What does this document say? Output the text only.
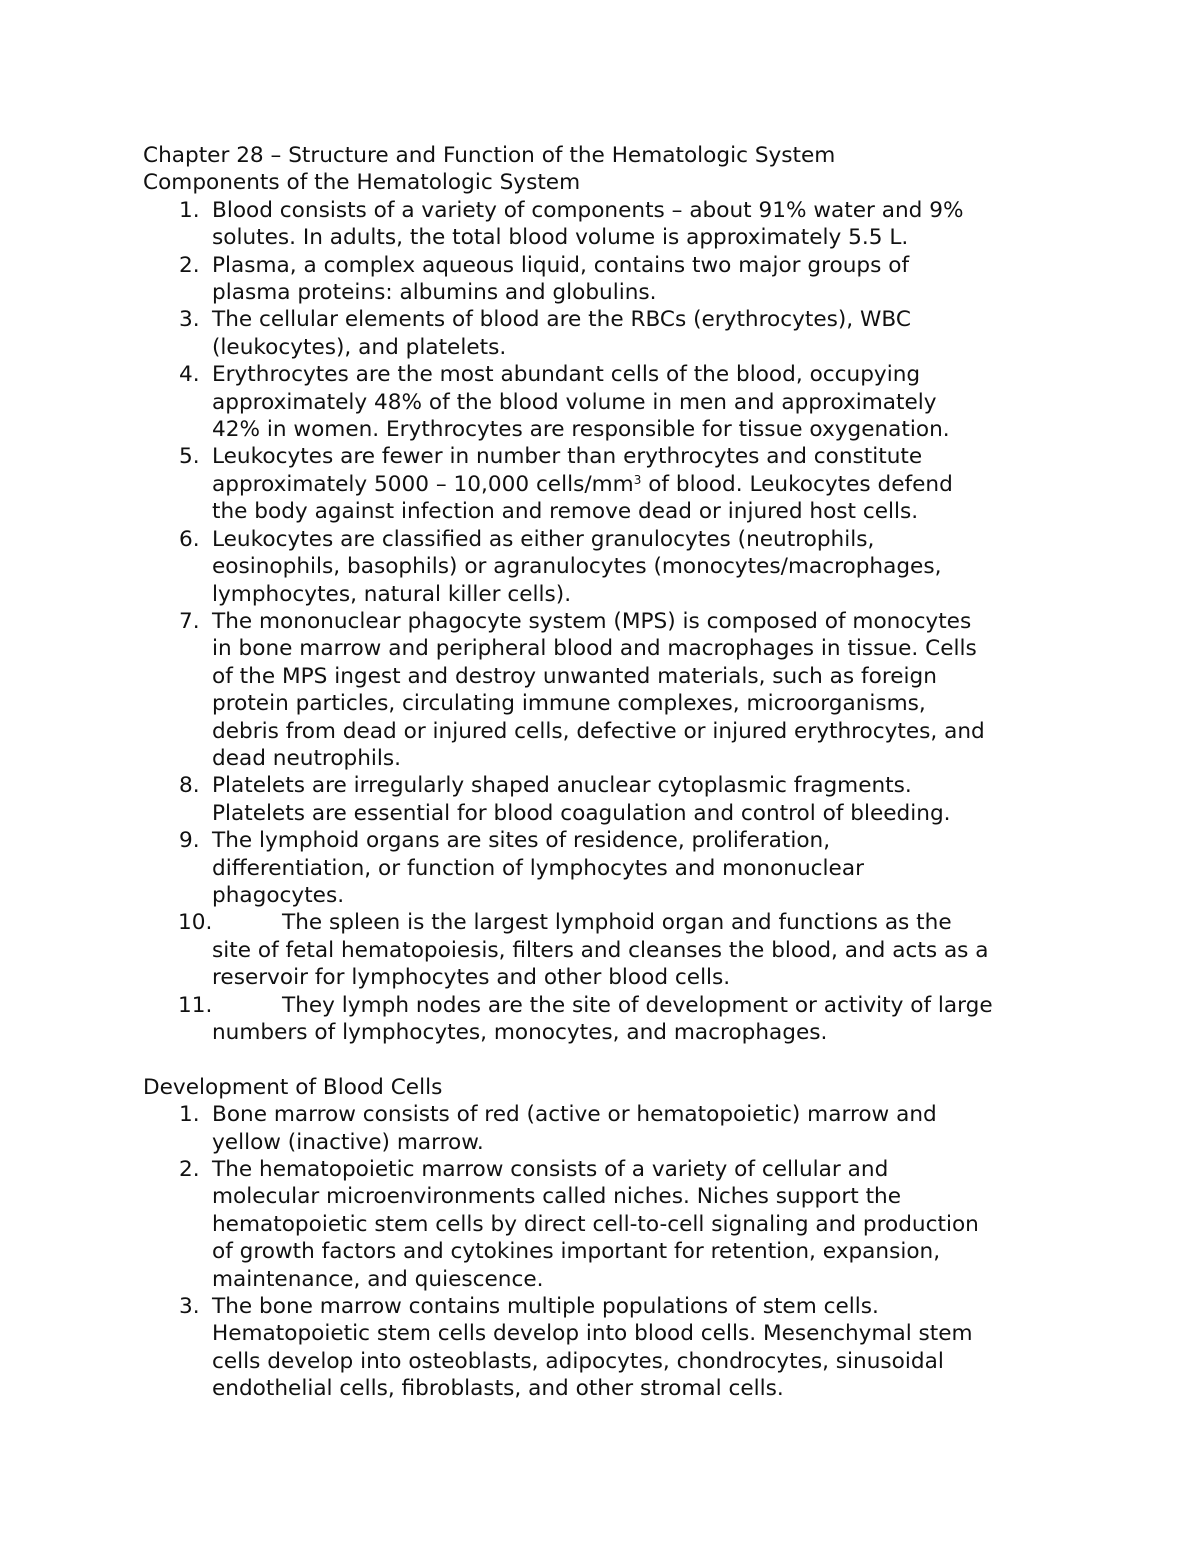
Chapter 28 – Structure and Function of the Hematologic System
Components of the Hematologic System
1. Blood consists of a variety of components – about 91% water and 9%
solutes. In adults, the total blood volume is approximately 5.5 L.
2. Plasma, a complex aqueous liquid, contains two major groups of
plasma proteins: albumins and globulins.
3. The cellular elements of blood are the RBCs (erythrocytes), WBC
(leukocytes), and platelets.
4. Erythrocytes are the most abundant cells of the blood, occupying
approximately 48% of the blood volume in men and approximately
42% in women. Erythrocytes are responsible for tissue oxygenation.
5. Leukocytes are fewer in number than erythrocytes and constitute
approximately 5000 – 10,000 cells/$mm^3$ of blood. Leukocytes defend
the body against infection and remove dead or injured host cells.
6. Leukocytes are classified as either granulocytes (neutrophils,
eosinophils, basophils) or agranulocytes (monocytes/macrophages,
lymphocytes, natural killer cells).
7. The mononuclear phagocyte system (MPS) is composed of monocytes
in bone marrow and peripheral blood and macrophages in tissue. Cells
of the MPS ingest and destroy unwanted materials, such as foreign
protein particles, circulating immune complexes, microorganisms,
debris from dead or injured cells, defective or injured erythrocytes, and
dead neutrophils.
8. Platelets are irregularly shaped anuclear cytoplasmic fragments.
Platelets are essential for blood coagulation and control of bleeding.
9. The lymphoid organs are sites of residence, proliferation,
differentiation, or function of lymphocytes and mononuclear
phagocytes.
10.	The spleen is the largest lymphoid organ and functions as the
site of fetal hematopoiesis, filters and cleanses the blood, and acts as a
reservoir for lymphocytes and other blood cells.
11.	They lymph nodes are the site of development or activity of large
numbers of lymphocytes, monocytes, and macrophages.
Development of Blood Cells
1. Bone marrow consists of red (active or hematopoietic) marrow and
yellow (inactive) marrow.
2. The hematopoietic marrow consists of a variety of cellular and
molecular microenvironments called niches. Niches support the
hematopoietic stem cells by direct cell-to-cell signaling and production
of growth factors and cytokines important for retention, expansion,
maintenance, and quiescence.
3. The bone marrow contains multiple populations of stem cells.
Hematopoietic stem cells develop into blood cells. Mesenchymal stem
cells develop into osteoblasts, adipocytes, chondrocytes, sinusoidal
endothelial cells, fibroblasts, and other stromal cells.
